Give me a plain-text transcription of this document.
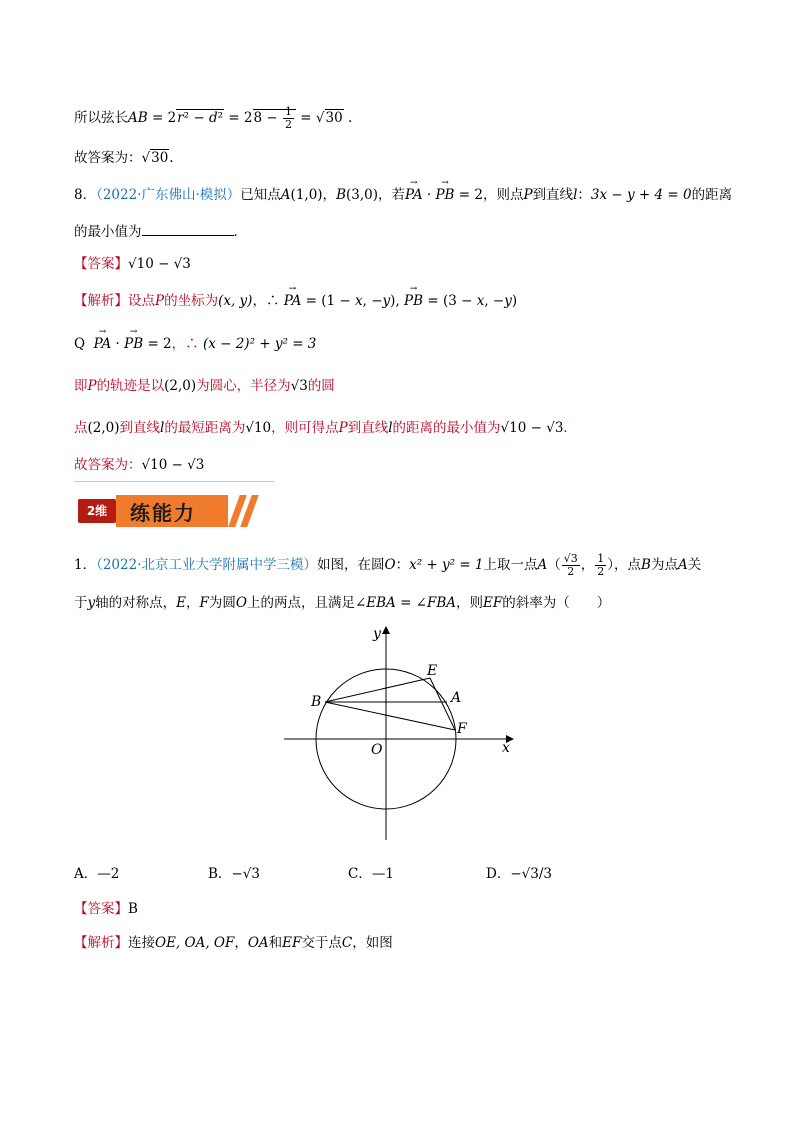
所以弦长AB = $2r^2 - d^2 = 28 - \frac{1}{2} = √30$ .
故答案为：√30.
8．（2022·广东佛山·模拟）已知点A(1,0)，B(3,0)，若→ PA · → PB = 2，则点P到直线l：3x − y + 4 = 0的距离
的最小值为	．
【答案】√10 − √3
【解析】设点P的坐标为(x, y)，∴ → PA = (1 − x, −y), → PB = (3 − x, −y)
Q  → PA · → PB = 2，∴ (x − 2)² + y² = 3
即P的轨迹是以(2,0)为圆心，半径为√3的圆
点(2,0)到直线l的最短距离为√10，则可得点P到直线l的距离的最小值为√10 − √3．
故答案为：√10 − √3
2维	练能力
1．（2022·北京工业大学附属中学三模）如图，在圆O：x² + y² = 1上取一点$A( \frac{√3}{2}$ ， $\frac{1}{2}$ ），点B为点A关
于y轴的对称点，E，F为圆O上的两点，且满足∠EBA = ∠FBA，则EF的斜率为（　　）
y
x
O
B
E
A
F
A．—2	B．−√3	C．—1	D．−√3/3
【答案】B
【解析】连接OE, OA, OF，OA和EF交于点C，如图
